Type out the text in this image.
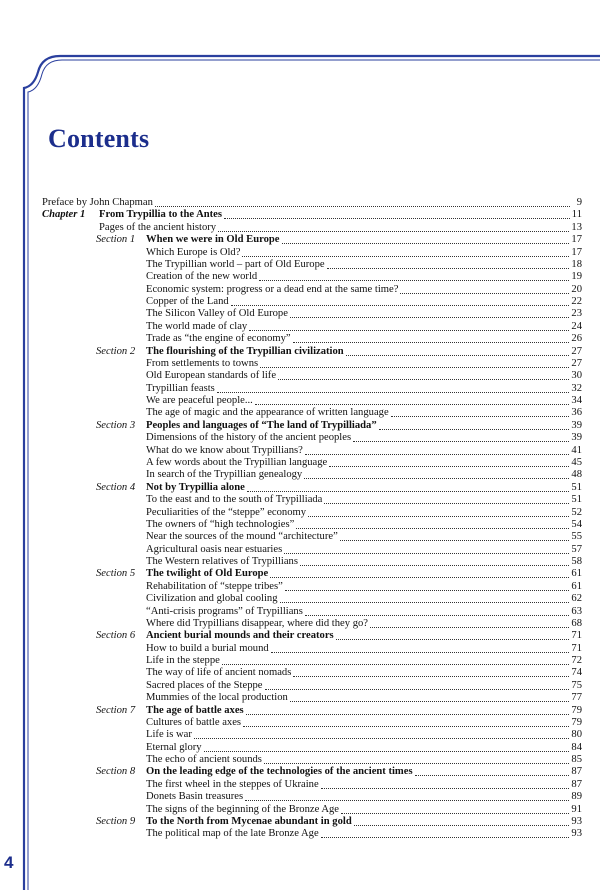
Contents
Preface by John Chapman	9
Chapter 1	From Trypillia to the Antes	11
Pages of the ancient history	13
Section 1	When we were in Old Europe	17
Which Europe is Old?	17
The Trypillian world – part of Old Europe	18
Creation of the new world	19
Economic system: progress or a dead end at the same time?	20
Copper of the Land	22
The Silicon Valley of Old Europe	23
The world made of clay	24
Trade as “the engine of economy”	26
Section 2	The flourishing of the Trypillian civilization	27
From settlements to towns	27
Old European standards of life	30
Trypillian feasts	32
We are peaceful people...	34
The age of magic and the appearance of written language	36
Section 3	Peoples and languages of “The land of Trypilliada”	39
Dimensions of the history of the ancient peoples	39
What do we know about Trypillians?	41
A few words about the Trypillian language	45
In search of the Trypillian genealogy	48
Section 4	Not by Trypillia alone	51
To the east and to the south of Trypilliada	51
Peculiarities of the “steppe” economy	52
The owners of “high technologies”	54
Near the sources of the mound “architecture”	55
Agricultural oasis near estuaries	57
The Western relatives of Trypillians	58
Section 5	The twilight of Old Europe	61
Rehabilitation of “steppe tribes”	61
Civilization and global cooling	62
“Anti-crisis programs” of Trypillians	63
Where did Trypillians disappear, where did they go?	68
Section 6	Ancient burial mounds and their creators	71
How to build a burial mound	71
Life in the steppe	72
The way of life of ancient nomads	74
Sacred places of the Steppe	75
Mummies of the local production	77
Section 7	The age of battle axes	79
Cultures of battle axes	79
Life is war	80
Eternal glory	84
The echo of ancient sounds	85
Section 8	On the leading edge of the technologies of the ancient times	87
The first wheel in the steppes of Ukraine	87
Donets Basin treasures	89
The signs of the beginning of the Bronze Age	91
Section 9	To the North from Mycenae abundant in gold	93
The political map of the late Bronze Age	93
4
